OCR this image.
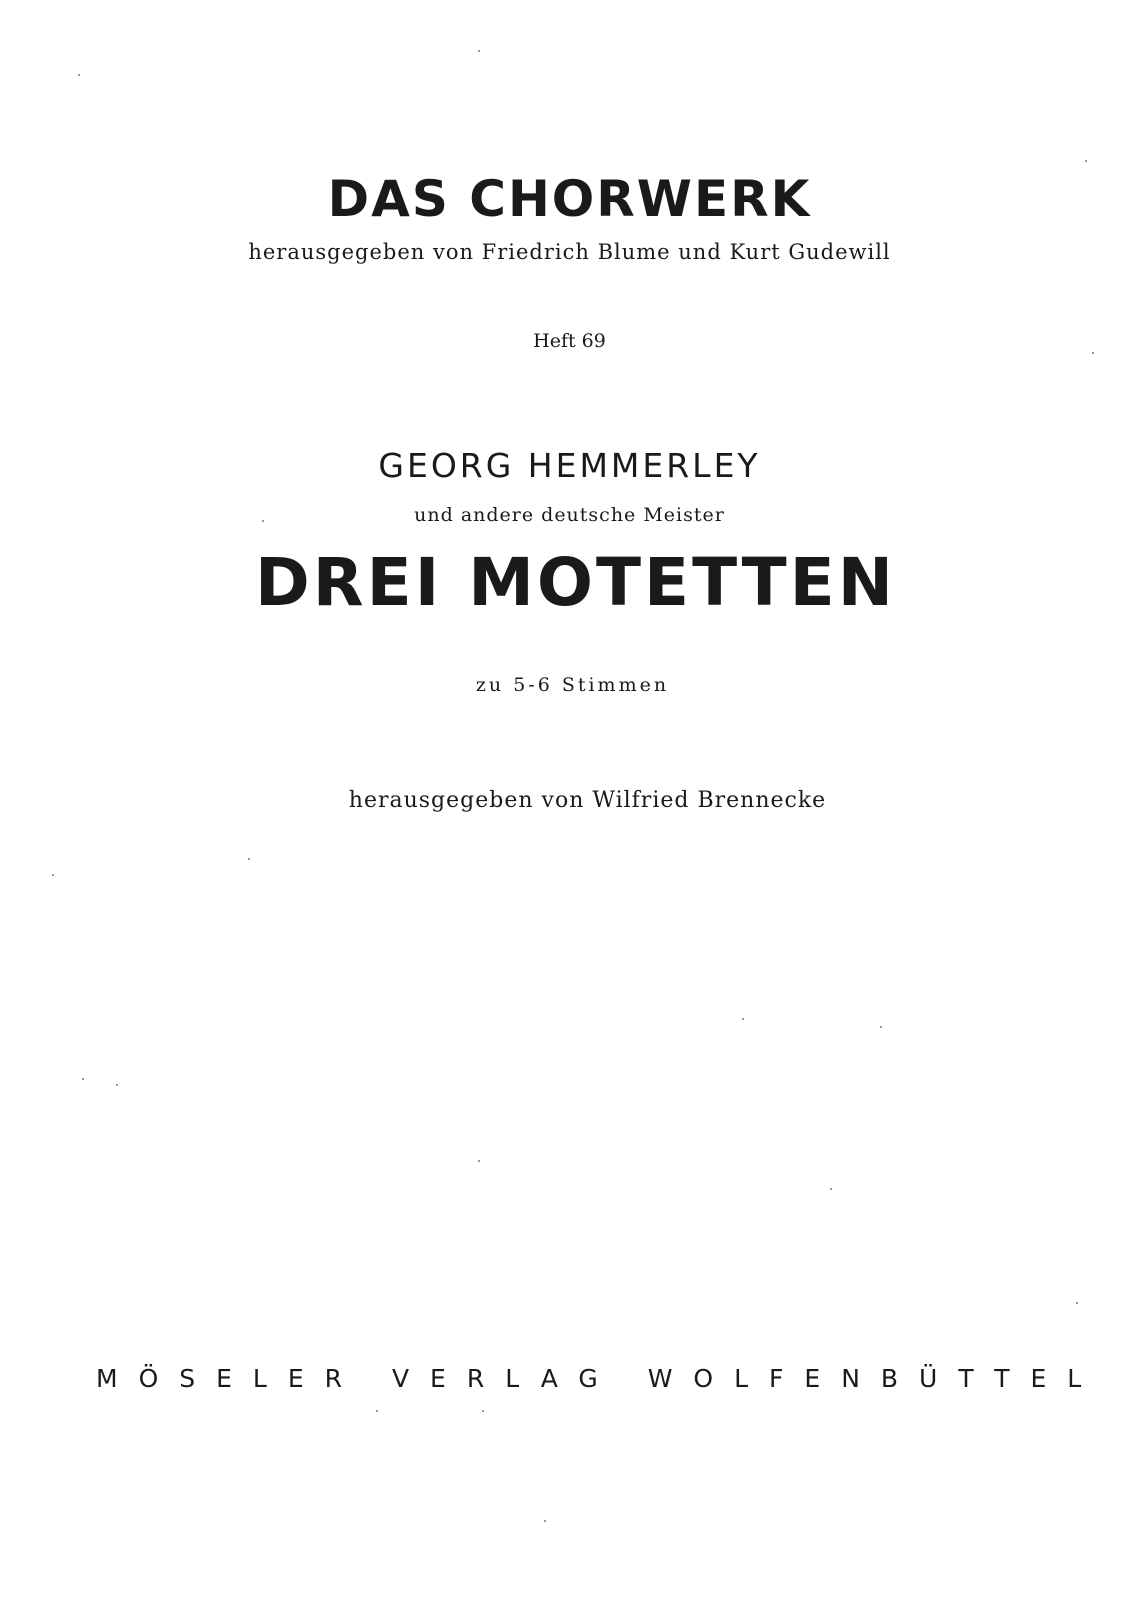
DAS CHORWERK
herausgegeben von Friedrich Blume und Kurt Gudewill
Heft 69
GEORG HEMMERLEY
und andere deutsche Meister
DREI MOTETTEN
zu 5-6 Stimmen
herausgegeben von Wilfried Brennecke
MÖSELER VERLAG WOLFENBÜTTEL
